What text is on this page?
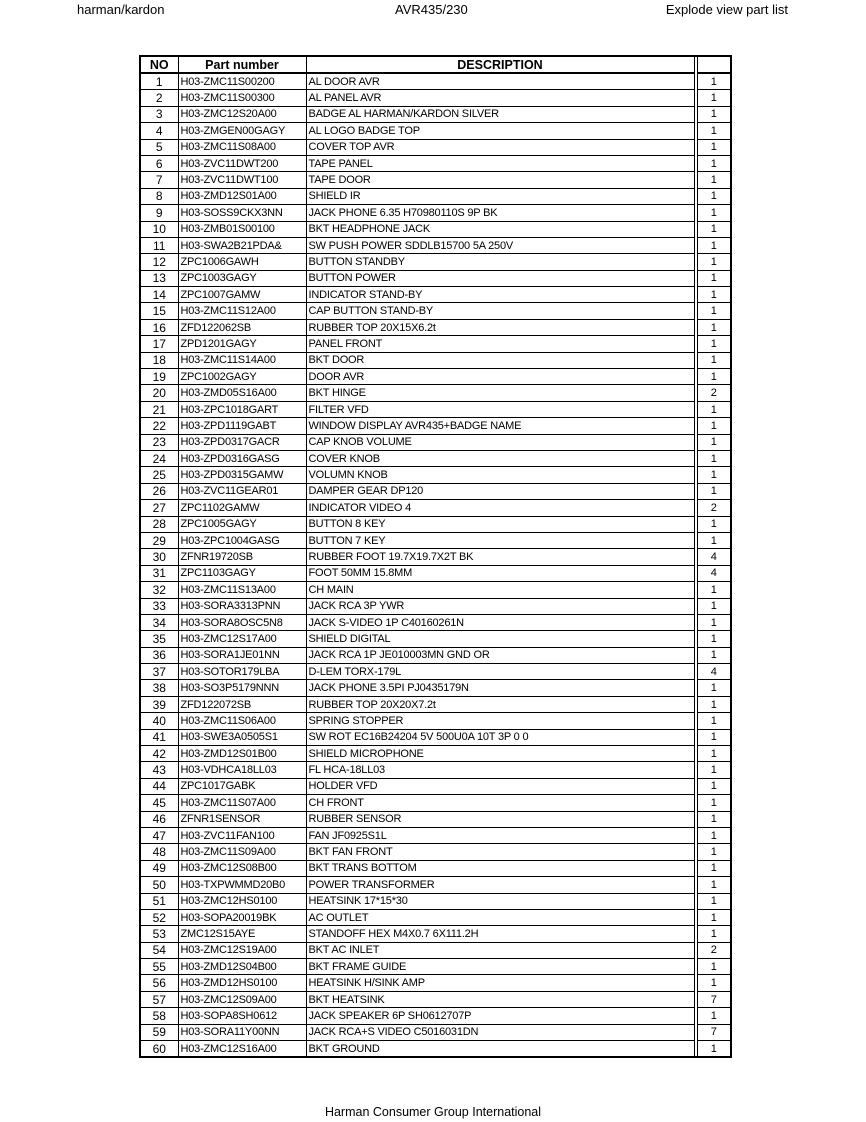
harman/kardon	AVR435/230	Explode view part list
NO	Part number	DESCRIPTION		
1	H03-ZMC11S00200	AL DOOR AVR		1
2	H03-ZMC11S00300	AL PANEL AVR		1
3	H03-ZMC12S20A00	BADGE AL HARMAN/KARDON SILVER		1
4	H03-ZMGEN00GAGY	AL LOGO BADGE TOP		1
5	H03-ZMC11S08A00	COVER TOP AVR		1
6	H03-ZVC11DWT200	TAPE PANEL		1
7	H03-ZVC11DWT100	TAPE DOOR		1
8	H03-ZMD12S01A00	SHIELD IR		1
9	H03-SOSS9CKX3NN	JACK PHONE 6.35 H70980110S 9P BK		1
10	H03-ZMB01S00100	BKT HEADPHONE JACK		1
11	H03-SWA2B21PDA&	SW PUSH POWER SDDLB15700 5A 250V		1
12	ZPC1006GAWH	BUTTON STANDBY		1
13	ZPC1003GAGY	BUTTON POWER		1
14	ZPC1007GAMW	INDICATOR STAND-BY		1
15	H03-ZMC11S12A00	CAP BUTTON STAND-BY		1
16	ZFD122062SB	RUBBER TOP 20X15X6.2t		1
17	ZPD1201GAGY	PANEL FRONT		1
18	H03-ZMC11S14A00	BKT DOOR		1
19	ZPC1002GAGY	DOOR AVR		1
20	H03-ZMD05S16A00	BKT HINGE		2
21	H03-ZPC1018GART	FILTER VFD		1
22	H03-ZPD1119GABT	WINDOW DISPLAY AVR435+BADGE NAME		1
23	H03-ZPD0317GACR	CAP KNOB VOLUME		1
24	H03-ZPD0316GASG	COVER KNOB		1
25	H03-ZPD0315GAMW	VOLUMN KNOB		1
26	H03-ZVC11GEAR01	DAMPER GEAR DP120		1
27	ZPC1102GAMW	INDICATOR VIDEO 4		2
28	ZPC1005GAGY	BUTTON 8 KEY		1
29	H03-ZPC1004GASG	BUTTON 7 KEY		1
30	ZFNR19720SB	RUBBER FOOT 19.7X19.7X2T BK		4
31	ZPC1103GAGY	FOOT 50MM 15.8MM		4
32	H03-ZMC11S13A00	CH MAIN		1
33	H03-SORA3313PNN	JACK RCA 3P YWR		1
34	H03-SORA8OSC5N8	JACK S-VIDEO 1P C40160261N		1
35	H03-ZMC12S17A00	SHIELD DIGITAL		1
36	H03-SORA1JE01NN	JACK RCA 1P JE010003MN GND OR		1
37	H03-SOTOR179LBA	D-LEM TORX-179L		4
38	H03-SO3P5179NNN	JACK PHONE 3.5PI PJ0435179N		1
39	ZFD122072SB	RUBBER TOP 20X20X7.2t		1
40	H03-ZMC11S06A00	SPRING STOPPER		1
41	H03-SWE3A0505S1	SW ROT EC16B24204 5V 500U0A 10T 3P 0 0		1
42	H03-ZMD12S01B00	SHIELD MICROPHONE		1
43	H03-VDHCA18LL03	FL HCA-18LL03		1
44	ZPC1017GABK	HOLDER VFD		1
45	H03-ZMC11S07A00	CH FRONT		1
46	ZFNR1SENSOR	RUBBER SENSOR		1
47	H03-ZVC11FAN100	FAN JF0925S1L		1
48	H03-ZMC11S09A00	BKT FAN FRONT		1
49	H03-ZMC12S08B00	BKT TRANS BOTTOM		1
50	H03-TXPWMMD20B0	POWER TRANSFORMER		1
51	H03-ZMC12HS0100	HEATSINK 17*15*30		1
52	H03-SOPA20019BK	AC OUTLET		1
53	ZMC12S15AYE	STANDOFF HEX M4X0.7 6X111.2H		1
54	H03-ZMC12S19A00	BKT AC INLET		2
55	H03-ZMD12S04B00	BKT FRAME GUIDE		1
56	H03-ZMD12HS0100	HEATSINK H/SINK AMP		1
57	H03-ZMC12S09A00	BKT HEATSINK		7
58	H03-SOPA8SH0612	JACK SPEAKER 6P SH0612707P		1
59	H03-SORA11Y00NN	JACK RCA+S VIDEO C5016031DN		7
60	H03-ZMC12S16A00	BKT GROUND		1
Harman Consumer Group International
